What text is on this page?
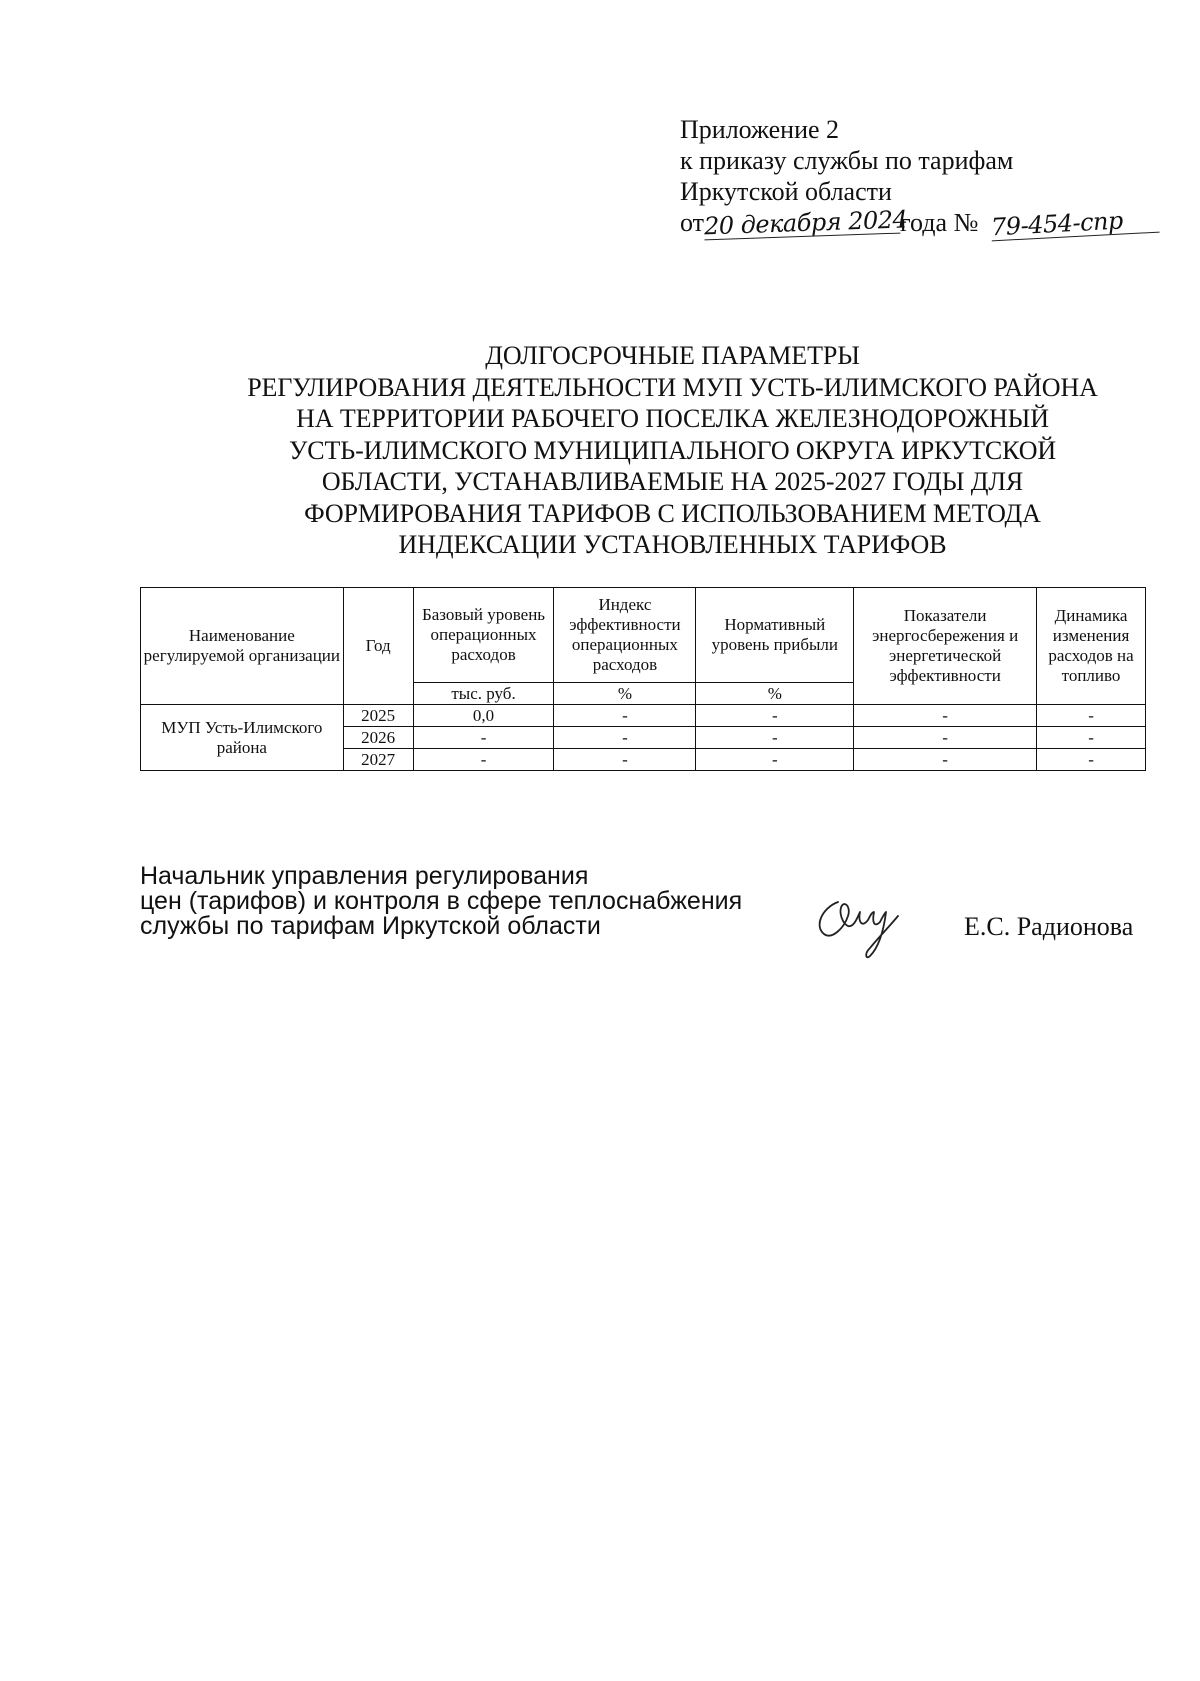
Приложение 2
к приказу службы по тарифам
Иркутской области
от20 декабря 2024года № 79-454-спр
ДОЛГОСРОЧНЫЕ ПАРАМЕТРЫ
РЕГУЛИРОВАНИЯ ДЕЯТЕЛЬНОСТИ МУП УСТЬ-ИЛИМСКОГО РАЙОНА
НА ТЕРРИТОРИИ РАБОЧЕГО ПОСЕЛКА ЖЕЛЕЗНОДОРОЖНЫЙ
УСТЬ-ИЛИМСКОГО МУНИЦИПАЛЬНОГО ОКРУГА ИРКУТСКОЙ
ОБЛАСТИ, УСТАНАВЛИВАЕМЫЕ НА 2025-2027 ГОДЫ ДЛЯ
ФОРМИРОВАНИЯ ТАРИФОВ С ИСПОЛЬЗОВАНИЕМ МЕТОДА
ИНДЕКСАЦИИ УСТАНОВЛЕННЫХ ТАРИФОВ
Наименование регулируемой организации	Год	Базовый уровень операционных расходов	Индекс эффективности операционных расходов	Нормативный уровень прибыли	Показатели энергосбережения и энергетической эффективности	Динамика изменения расходов на топливо
		тыс. руб.	%	%		
МУП Усть-Илимского района	2025	0,0	-	-	-	-
	2026	-	-	-	-	-
	2027	-	-	-	-	-
Начальник управления регулирования
цен (тарифов) и контроля в сфере теплоснабжения
службы по тарифам Иркутской области	Е.С. Радионова
